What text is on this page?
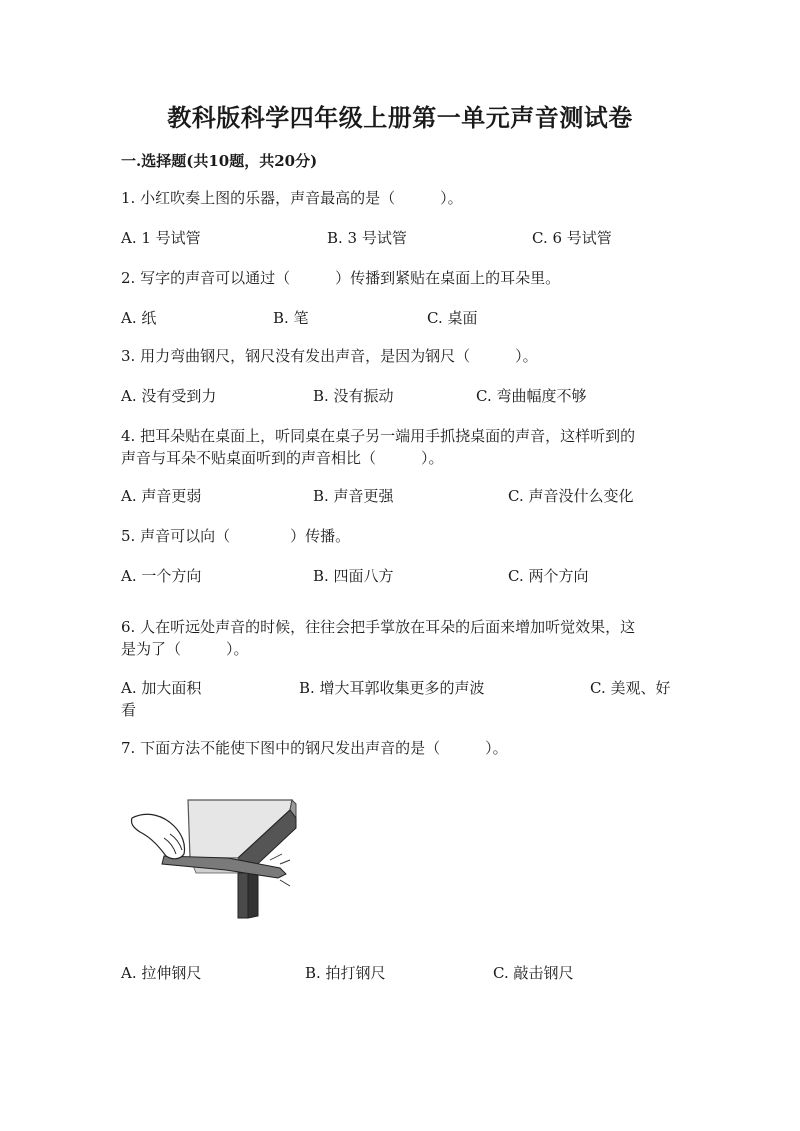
教科版科学四年级上册第一单元声音测试卷
一.选择题(共10题，共20分)
1. 小红吹奏上图的乐器，声音最高的是（　　　）。
A. 1 号试管	B. 3 号试管	C. 6 号试管
2. 写字的声音可以通过（　　　）传播到紧贴在桌面上的耳朵里。
A. 纸	B. 笔	C. 桌面
3. 用力弯曲钢尺，钢尺没有发出声音，是因为钢尺（　　　）。
A. 没有受到力	B. 没有振动	C. 弯曲幅度不够
4. 把耳朵贴在桌面上，听同桌在桌子另一端用手抓挠桌面的声音，这样听到的
声音与耳朵不贴桌面听到的声音相比（　　　）。
A. 声音更弱	B. 声音更强	C. 声音没什么变化
5. 声音可以向（　　　　）传播。
A. 一个方向	B. 四面八方	C. 两个方向
6. 人在听远处声音的时候，往往会把手掌放在耳朵的后面来增加听觉效果，这
是为了（　　　）。
A. 加大面积	B. 增大耳郭收集更多的声波	C. 美观、好
看
7. 下面方法不能使下图中的钢尺发出声音的是（　　　）。
A. 拉伸钢尺	B. 拍打钢尺	C. 敲击钢尺
